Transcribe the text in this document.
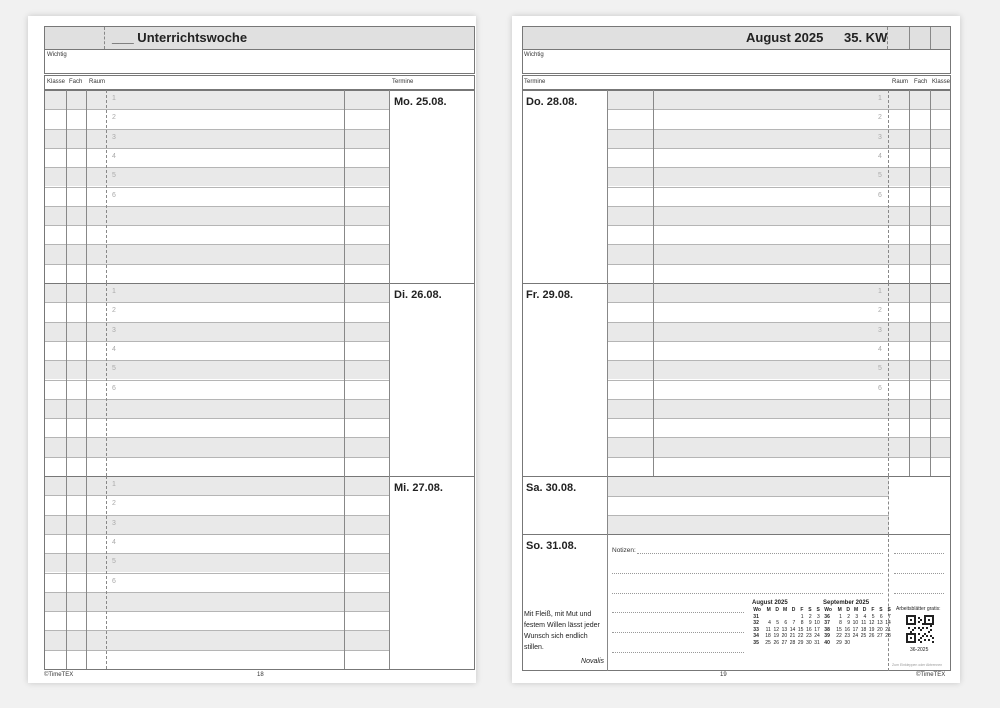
___ Unterrichtswoche
Wichtig
Klasse Fach Raum	Termine
1
2
3
4
5
6
Mo. 25.08.
1
2
3
4
5
6
Di. 26.08.
1
2
3
4
5
6
Mi. 27.08.
©TimeTEX	18
August 2025 35. KW
Wichtig
Termine	Raum Fach Klasse
1
2
3
4
5
6
Do. 28.08.
1
2
3
4
5
6
Fr. 29.08.
Sa. 30.08.
So. 31.08.	Notizen:
Mit Fleiß, mit Mut und festem Willen lässt jeder Wunsch sich endlich stillen.
Novalis
August 2025
Wo	M	D	M	D	F	S	S
31					1	2	3
32	4	5	6	7	8	9	10
33	11	12	13	14	15	16	17
34	18	19	20	21	22	23	24
35	25	26	27	28	29	30	31
September 2025
Wo	M	D	M	D	F	S	S
36	1	2	3	4	5	6	7
37	8	9	10	11	12	13	14
38	15	16	17	18	19	20	21
39	22	23	24	25	26	27	28
40	29	30					
Arbeitsblätter gratis:
36-2025
Zum Einkleppen oder Abtrennen
19	©TimeTEX
